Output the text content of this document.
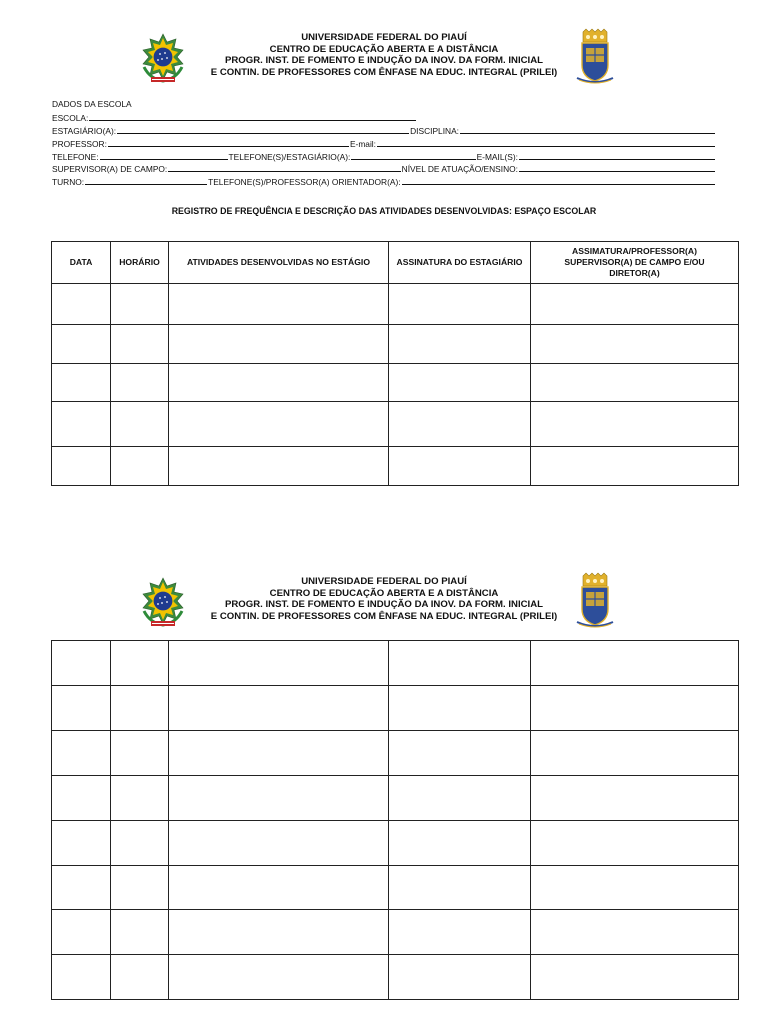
UNIVERSIDADE FEDERAL DO PIAUÍ
CENTRO DE EDUCAÇÃO ABERTA E A DISTÂNCIA
PROGR. INST. DE FOMENTO E INDUÇÃO DA INOV. DA FORM. INICIAL
E CONTIN. DE PROFESSORES COM ÊNFASE NA EDUC. INTEGRAL (PRILEI)
DADOS DA ESCOLA
ESCOLA:
ESTAGIÁRIO(A):	DISCIPLINA:
PROFESSOR:	E-mail:
TELEFONE:	TELEFONE(S)/ESTAGIÁRIO(A):	E-MAIL(S):
SUPERVISOR(A) DE CAMPO:	NÍVEL DE ATUAÇÃO/ENSINO:
TURNO:	TELEFONE(S)/PROFESSOR(A) ORIENTADOR(A):
REGISTRO DE FREQUÊNCIA E DESCRIÇÃO DAS ATIVIDADES DESENVOLVIDAS: ESPAÇO ESCOLAR
DATA	HORÁRIO	ATIVIDADES DESENVOLVIDAS NO ESTÁGIO	ASSINATURA DO ESTAGIÁRIO	ASSIMATURA/PROFESSOR(A) SUPERVISOR(A) DE CAMPO E/OU DIRETOR(A)

UNIVERSIDADE FEDERAL DO PIAUÍ
CENTRO DE EDUCAÇÃO ABERTA E A DISTÂNCIA
PROGR. INST. DE FOMENTO E INDUÇÃO DA INOV. DA FORM. INICIAL
E CONTIN. DE PROFESSORES COM ÊNFASE NA EDUC. INTEGRAL (PRILEI)
